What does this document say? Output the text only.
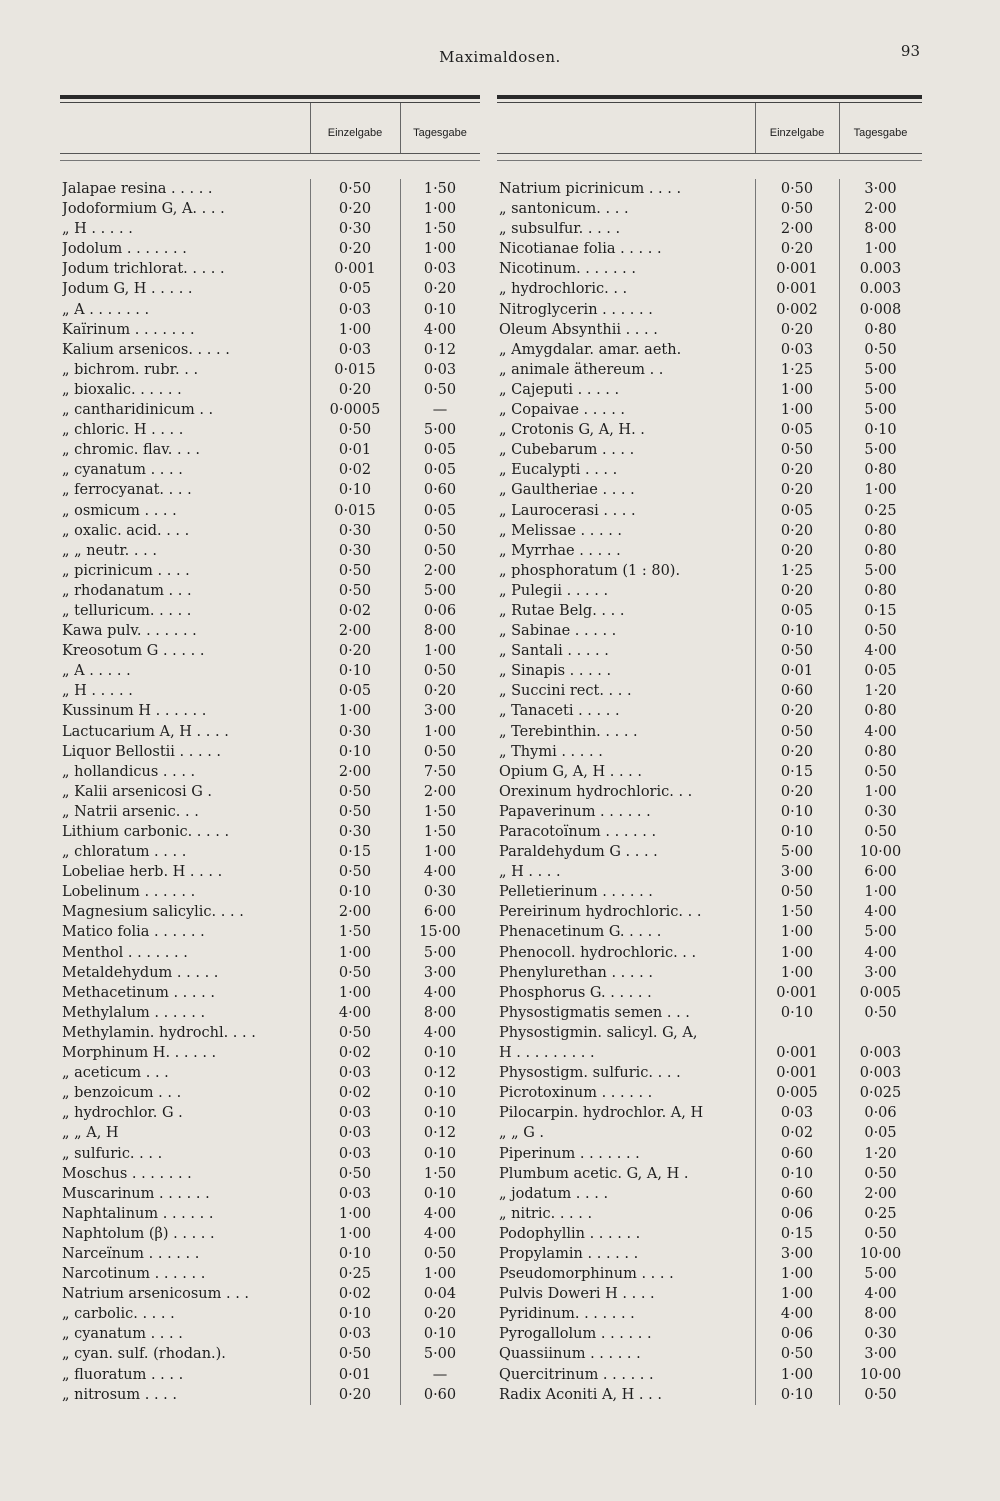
Maximaldosen.	93
Einzelgabe	Tagesgabe
Jalapae resina . . . . .	0·50	1·50
Jodoformium G, A. . . .	0·20	1·00
„ H . . . . .	0·30	1·50
Jodolum . . . . . . .	0·20	1·00
Jodum trichlorat. . . . .	0·001	0·03
Jodum G, H . . . . .	0·05	0·20
„ A . . . . . . .	0·03	0·10
Kaïrinum . . . . . . .	1·00	4·00
Kalium arsenicos. . . . .	0·03	0·12
„ bichrom. rubr. . .	0·015	0·03
„ bioxalic. . . . . .	0·20	0·50
„ cantharidinicum . .	0·0005	—
„ chloric. H . . . .	0·50	5·00
„ chromic. flav. . . .	0·01	0·05
„ cyanatum . . . .	0·02	0·05
„ ferrocyanat. . . .	0·10	0·60
„ osmicum . . . .	0·015	0·05
„ oxalic. acid. . . .	0·30	0·50
„ „ neutr. . . .	0·30	0·50
„ picrinicum . . . .	0·50	2·00
„ rhodanatum . . .	0·50	5·00
„ telluricum. . . . .	0·02	0·06
Kawa pulv. . . . . . .	2·00	8·00
Kreosotum G . . . . .	0·20	1·00
„ A . . . . .	0·10	0·50
„ H . . . . .	0·05	0·20
Kussinum H . . . . . .	1·00	3·00
Lactucarium A, H . . . .	0·30	1·00
Liquor Bellostii . . . . .	0·10	0·50
„ hollandicus . . . .	2·00	7·50
„ Kalii arsenicosi G .	0·50	2·00
„ Natrii arsenic. . .	0·50	1·50
Lithium carbonic. . . . .	0·30	1·50
„ chloratum . . . .	0·15	1·00
Lobeliae herb. H . . . .	0·50	4·00
Lobelinum . . . . . .	0·10	0·30
Magnesium salicylic. . . .	2·00	6·00
Matico folia . . . . . .	1·50	15·00
Menthol . . . . . . .	1·00	5·00
Metaldehydum . . . . .	0·50	3·00
Methacetinum . . . . .	1·00	4·00
Methylalum . . . . . .	4·00	8·00
Methylamin. hydrochl. . . .	0·50	4·00
Morphinum H. . . . . .	0·02	0·10
„ aceticum . . .	0·03	0·12
„ benzoicum . . .	0·02	0·10
„ hydrochlor. G .	0·03	0·10
„ „ A, H	0·03	0·12
„ sulfuric. . . .	0·03	0·10
Moschus . . . . . . .	0·50	1·50
Muscarinum . . . . . .	0·03	0·10
Naphtalinum . . . . . .	1·00	4·00
Naphtolum (β) . . . . .	1·00	4·00
Narceïnum . . . . . .	0·10	0·50
Narcotinum . . . . . .	0·25	1·00
Natrium arsenicosum . . .	0·02	0·04
„ carbolic. . . . .	0·10	0·20
„ cyanatum . . . .	0·03	0·10
„ cyan. sulf. (rhodan.).	0·50	5·00
„ fluoratum . . . .	0·01	—
„ nitrosum . . . .	0·20	0·60
Einzelgabe	Tagesgabe
Natrium picrinicum . . . .	0·50	3·00
„ santonicum. . . .	0·50	2·00
„ subsulfur. . . . .	2·00	8·00
Nicotianae folia . . . . .	0·20	1·00
Nicotinum. . . . . . .	0·001	0.003
„ hydrochloric. . .	0·001	0.003
Nitroglycerin . . . . . .	0·002	0·008
Oleum Absynthii . . . .	0·20	0·80
„ Amygdalar. amar. aeth.	0·03	0·50
„ animale äthereum . .	1·25	5·00
„ Cajeputi . . . . .	1·00	5·00
„ Copaivae . . . . .	1·00	5·00
„ Crotonis G, A, H. .	0·05	0·10
„ Cubebarum . . . .	0·50	5·00
„ Eucalypti . . . .	0·20	0·80
„ Gaultheriae . . . .	0·20	1·00
„ Laurocerasi . . . .	0·05	0·25
„ Melissae . . . . .	0·20	0·80
„ Myrrhae . . . . .	0·20	0·80
„ phosphoratum (1 : 80).	1·25	5·00
„ Pulegii . . . . .	0·20	0·80
„ Rutae Belg. . . .	0·05	0·15
„ Sabinae . . . . .	0·10	0·50
„ Santali . . . . .	0·50	4·00
„ Sinapis . . . . .	0·01	0·05
„ Succini rect. . . .	0·60	1·20
„ Tanaceti . . . . .	0·20	0·80
„ Terebinthin. . . . .	0·50	4·00
„ Thymi . . . . .	0·20	0·80
Opium G, A, H . . . .	0·15	0·50
Orexinum hydrochloric. . .	0·20	1·00
Papaverinum . . . . . .	0·10	0·30
Paracotoïnum . . . . . .	0·10	0·50
Paraldehydum G . . . .	5·00	10·00
„ H . . . .	3·00	6·00
Pelletierinum . . . . . .	0·50	1·00
Pereirinum hydrochloric. . .	1·50	4·00
Phenacetinum G. . . . .	1·00	5·00
Phenocoll. hydrochloric. . .	1·00	4·00
Phenylurethan . . . . .	1·00	3·00
Phosphorus G. . . . . .	0·001	0·005
Physostigmatis semen . . .	0·10	0·50
Physostigmin. salicyl. G, A,
H . . . . . . . . .	0·001	0·003
Physostigm. sulfuric. . . .	0·001	0·003
Picrotoxinum . . . . . .	0·005	0·025
Pilocarpin. hydrochlor. A, H	0·03	0·06
„ „ G .	0·02	0·05
Piperinum . . . . . . .	0·60	1·20
Plumbum acetic. G, A, H .	0·10	0·50
„ jodatum . . . .	0·60	2·00
„ nitric. . . . .	0·06	0·25
Podophyllin . . . . . .	0·15	0·50
Propylamin . . . . . .	3·00	10·00
Pseudomorphinum . . . .	1·00	5·00
Pulvis Doweri H . . . .	1·00	4·00
Pyridinum. . . . . . .	4·00	8·00
Pyrogallolum . . . . . .	0·06	0·30
Quassiinum . . . . . .	0·50	3·00
Quercitrinum . . . . . .	1·00	10·00
Radix Aconiti A, H . . .	0·10	0·50
